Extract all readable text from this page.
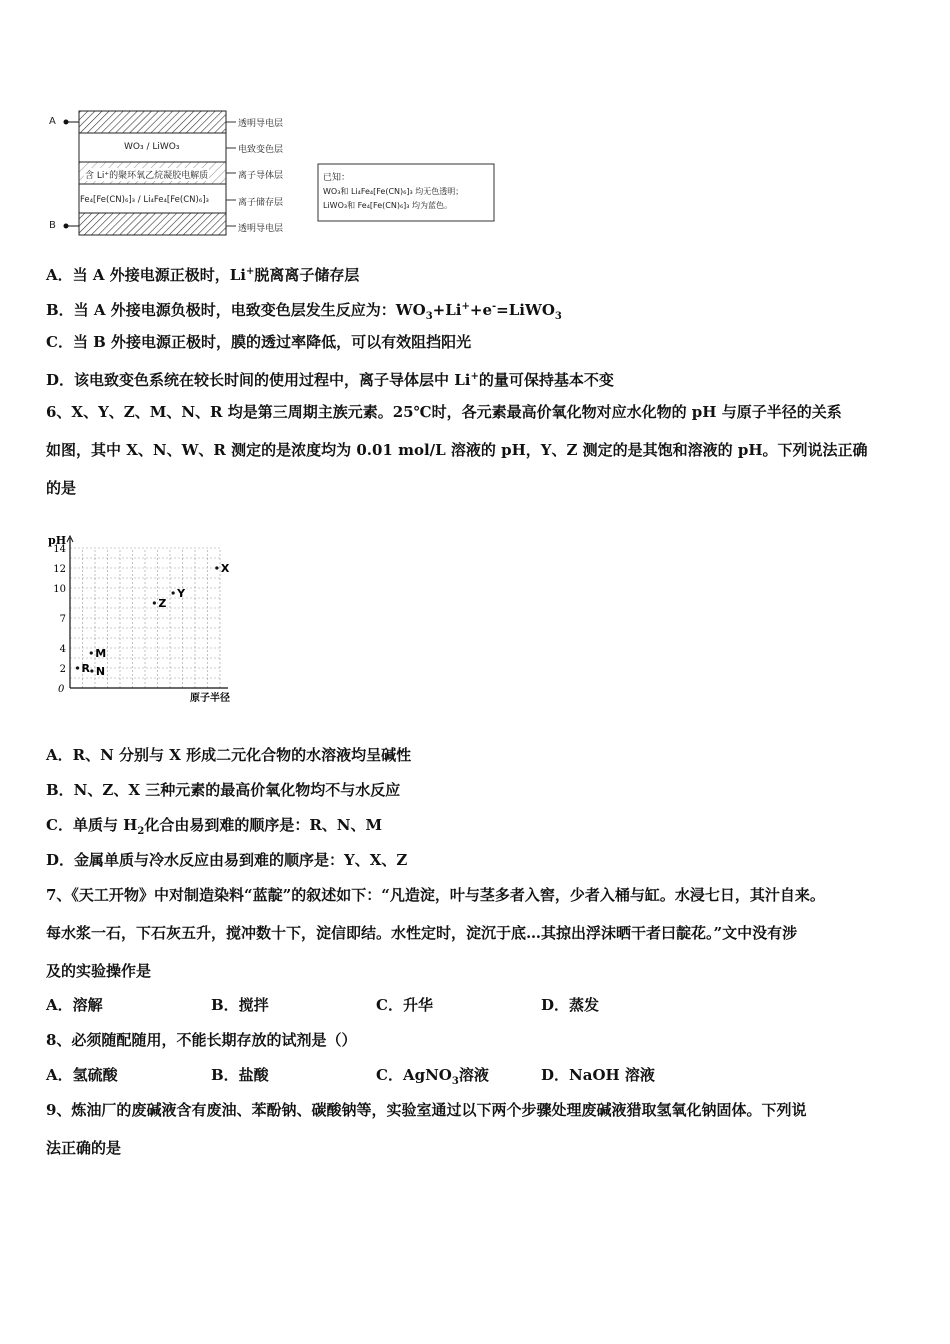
A
B
WO₃ / LiWO₃
含 Li⁺的聚环氧乙烷凝胶电解质
Fe₄[Fe(CN)₆]₃ / Li₄Fe₄[Fe(CN)₆]₃
透明导电层
电致变色层
离子导体层
离子储存层
透明导电层
已知：
WO₃和 Li₄Fe₄[Fe(CN)₆]₃ 均无色透明；
LiWO₃和 Fe₄[Fe(CN)₆]₃ 均为蓝色。
A．当 A 外接电源正极时，Li+脱离离子储存层
B．当 A 外接电源负极时，电致变色层发生反应为：$WO_3+Li^++e^-=LiWO_3$
C．当 B 外接电源正极时，膜的透过率降低，可以有效阻挡阳光
D．该电致变色系统在较长时间的使用过程中，离子导体层中 Li+的量可保持基本不变
6、X、Y、Z、M、N、R 均是第三周期主族元素。25℃时，各元素最高价氧化物对应水化物的 pH 与原子半径的关系
如图，其中 X、N、W、R 测定的是浓度均为 0.01 mol/L 溶液的 pH，Y、Z 测定的是其饱和溶液的 pH。下列说法正确
的是
pH
0
2
4
7
10
12
14
原子半径
R N
M
Z
Y
X
A．R、N 分别与 X 形成二元化合物的水溶液均呈碱性
B．N、Z、X 三种元素的最高价氧化物均不与水反应
C．单质与 $H_2$化合由易到难的顺序是：R、N、M
D．金属单质与冷水反应由易到难的顺序是：Y、X、Z
7、《天工开物》中对制造染料“蓝靛”的叙述如下：“凡造淀，叶与茎多者入窖，少者入桶与缸。水浸七日，其汁自来。
每水浆一石，下石灰五升，搅冲数十下，淀信即结。水性定时，淀沉于底…其掠出浮沫晒干者曰靛花。”文中没有涉
及的实验操作是
A．溶解	B．搅拌	C．升华	D．蒸发
8、必须随配随用，不能长期存放的试剂是（）
A．氢硫酸	B．盐酸	C．AgNO$_3$溶液	D．NaOH 溶液
9、炼油厂的废碱液含有废油、苯酚钠、碳酸钠等，实验室通过以下两个步骤处理废碱液猎取氢氧化钠固体。下列说
法正确的是
